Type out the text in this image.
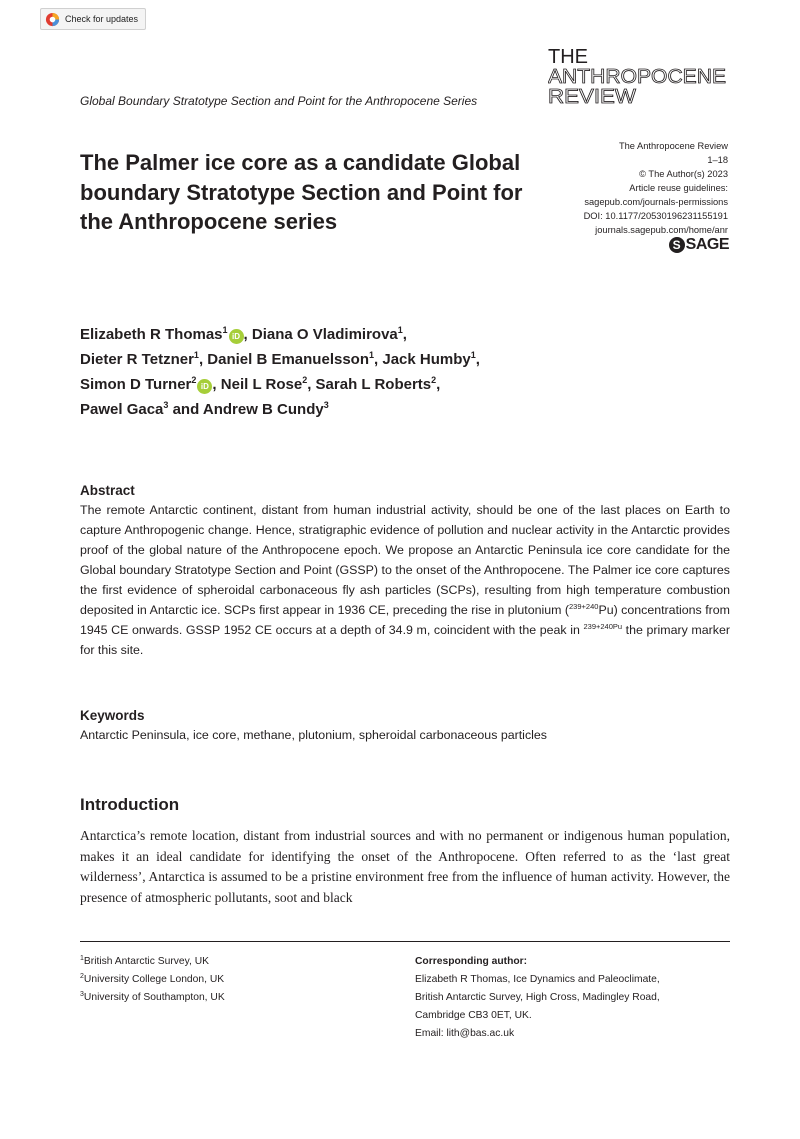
Check for updates
THE
ANTHROPOCENE
REVIEW
Global Boundary Stratotype Section and Point for the Anthropocene Series
The Palmer ice core as a candidate Global boundary Stratotype Section and Point for the Anthropocene series
The Anthropocene Review
1–18
© The Author(s) 2023
Article reuse guidelines:
sagepub.com/journals-permissions
DOI: 10.1177/20530196231155191
journals.sagepub.com/home/anr
S SAGE
Elizabeth R Thomas$^1$iD , Diana O Vladimirova$^1$,
Dieter R Tetzner$^1$, Daniel B Emanuelsson$^1$, Jack Humby$^1$,
Simon D Turner$^2$iD , Neil L Rose$^2$, Sarah L Roberts$^2$,
Pawel Gaca$^3$ and Andrew B Cundy$^3$
Abstract

The remote Antarctic continent, distant from human industrial activity, should be one of the last places on Earth to capture Anthropogenic change. Hence, stratigraphic evidence of pollution and nuclear activity in the Antarctic provides proof of the global nature of the Anthropocene epoch. We propose an Antarctic Peninsula ice core candidate for the Global boundary Stratotype Section and Point (GSSP) to the onset of the Anthropocene. The Palmer ice core captures the first evidence of spheroidal carbonaceous fly ash particles (SCPs), resulting from high temperature combustion deposited in Antarctic ice. SCPs first appear in 1936 CE, preceding the rise in plutonium ($^{239+240}$Pu) concentrations from 1945 CE onwards. GSSP 1952 CE occurs at a depth of 34.9 m, coincident with the peak in $^{239+240Pu}$ the primary marker for this site.

Keywords
Antarctic Peninsula, ice core, methane, plutonium, spheroidal carbonaceous particles
Introduction

Antarctica’s remote location, distant from industrial sources and with no permanent or indigenous human population, makes it an ideal candidate for identifying the onset of the Anthropocene. Often referred to as the ‘last great wilderness’, Antarctica is assumed to be a pristine environment free from the influence of human activity. However, the presence of atmospheric pollutants, soot and black

$^1$British Antarctic Survey, UK
$^2$University College London, UK
$^3$University of Southampton, UK
Corresponding author:
Elizabeth R Thomas, Ice Dynamics and Paleoclimate,
British Antarctic Survey, High Cross, Madingley Road,
Cambridge CB3 0ET, UK.
Email: lith@bas.ac.uk
